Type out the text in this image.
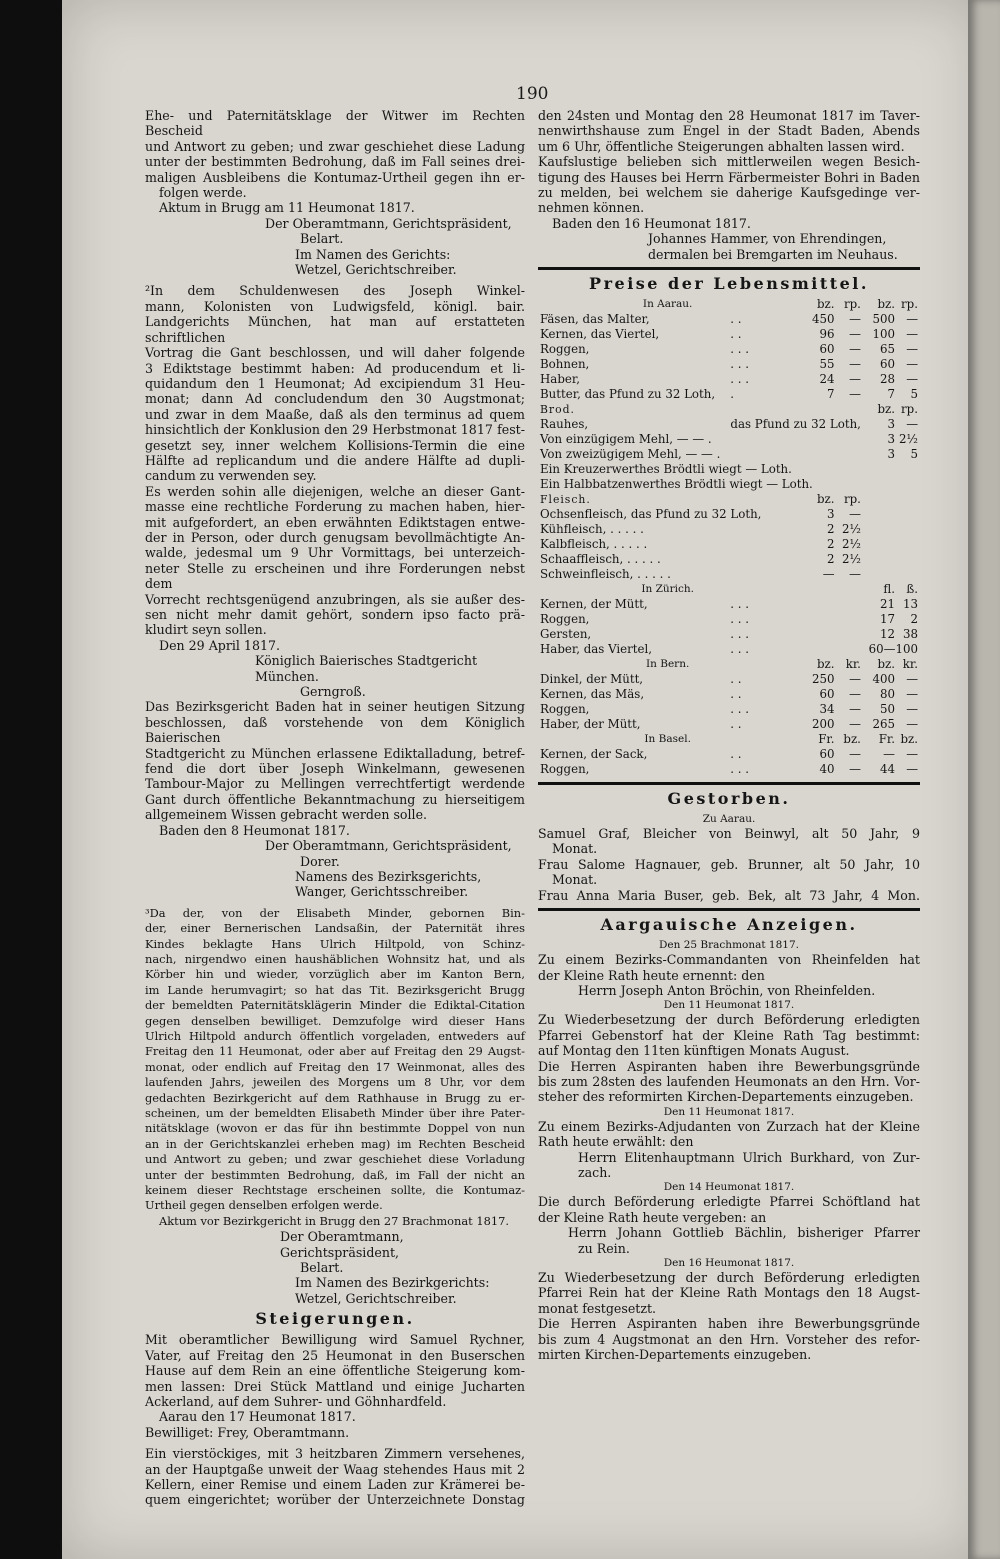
190

Ehe- und Paternitätsklage der Witwer im Rechten Bescheid

und Antwort zu geben; und zwar geschiehet diese Ladung

unter der bestimmten Bedrohung, daß im Fall seines drei-

maligen Ausbleibens die Kontumaz-Urtheil gegen ihn er-

folgen werde.

Aktum in Brugg am 11 Heumonat 1817.

Der Oberamtmann, Gerichtspräsident,

Belart.

Im Namen des Gerichts:

Wetzel, Gerichtschreiber.

²In dem Schuldenwesen des Joseph Winkel-

mann, Kolonisten von Ludwigsfeld, königl. bair.

Landgerichts München, hat man auf erstatteten schriftlichen

Vortrag die Gant beschlossen, und will daher folgende

3 Ediktstage bestimmt haben: Ad producendum et li-

quidandum den 1 Heumonat; Ad excipiendum 31 Heu-

monat; dann Ad concludendum den 30 Augstmonat;

und zwar in dem Maaße, daß als den terminus ad quem

hinsichtlich der Konklusion den 29 Herbstmonat 1817 fest-

gesetzt sey, inner welchem Kollisions-Termin die eine

Hälfte ad replicandum und die andere Hälfte ad dupli-

candum zu verwenden sey.

Es werden sohin alle diejenigen, welche an dieser Gant-

masse eine rechtliche Forderung zu machen haben, hier-

mit aufgefordert, an eben erwähnten Ediktstagen entwe-

der in Person, oder durch genugsam bevollmächtigte An-

walde, jedesmal um 9 Uhr Vormittags, bei unterzeich-

neter Stelle zu erscheinen und ihre Forderungen nebst dem

Vorrecht rechtsgenügend anzubringen, als sie außer des-

sen nicht mehr damit gehört, sondern ipso facto prä-

kludirt seyn sollen.

Den 29 April 1817.

Königlich Baierisches Stadtgericht München.

Gerngroß.

Das Bezirksgericht Baden hat in seiner heutigen Sitzung

beschlossen, daß vorstehende von dem Königlich Baierischen

Stadtgericht zu München erlassene Ediktalladung, betref-

fend die dort über Joseph Winkelmann, gewesenen

Tambour-Major zu Mellingen verrechtfertigt werdende

Gant durch öffentliche Bekanntmachung zu hierseitigem

allgemeinem Wissen gebracht werden solle.

Baden den 8 Heumonat 1817.

Der Oberamtmann, Gerichtspräsident,

Dorer.

Namens des Bezirksgerichts,

Wanger, Gerichtsschreiber.

³Da der, von der Elisabeth Minder, gebornen Bin-

der, einer Bernerischen Landsaßin, der Paternität ihres

Kindes beklagte Hans Ulrich Hiltpold, von Schinz-

nach, nirgendwo einen haushäblichen Wohnsitz hat, und als

Körber hin und wieder, vorzüglich aber im Kanton Bern,

im Lande herumvagirt; so hat das Tit. Bezirksgericht Brugg

der bemeldten Paternitätsklägerin Minder die Ediktal-Citation

gegen denselben bewilliget. Demzufolge wird dieser Hans

Ulrich Hiltpold andurch öffentlich vorgeladen, entweders auf

Freitag den 11 Heumonat, oder aber auf Freitag den 29 Augst-

monat, oder endlich auf Freitag den 17 Weinmonat, alles des

laufenden Jahrs, jeweilen des Morgens um 8 Uhr, vor dem

gedachten Bezirkgericht auf dem Rathhause in Brugg zu er-

scheinen, um der bemeldten Elisabeth Minder über ihre Pater-

nitätsklage (wovon er das für ihn bestimmte Doppel von nun

an in der Gerichtskanzlei erheben mag) im Rechten Bescheid

und Antwort zu geben; und zwar geschiehet diese Vorladung

unter der bestimmten Bedrohung, daß, im Fall der nicht an

keinem dieser Rechtstage erscheinen sollte, die Kontumaz-

Urtheil gegen denselben erfolgen werde.

Aktum vor Bezirkgericht in Brugg den 27 Brachmonat 1817.

Der Oberamtmann, Gerichtspräsident,

Belart.

Im Namen des Bezirkgerichts:

Wetzel, Gerichtschreiber.

Steigerungen.

Mit oberamtlicher Bewilligung wird Samuel Rychner,

Vater, auf Freitag den 25 Heumonat in den Buserschen

Hause auf dem Rein an eine öffentliche Steigerung kom-

men lassen: Drei Stück Mattland und einige Jucharten

Ackerland, auf dem Suhrer- und Göhnhardfeld.

Aarau den 17 Heumonat 1817.

Bewilliget: Frey, Oberamtmann.

Ein vierstöckiges, mit 3 heitzbaren Zimmern versehenes,

an der Hauptgaße unweit der Waag stehendes Haus mit 2

Kellern, einer Remise und einem Laden zur Krämerei be-

quem eingerichtet; worüber der Unterzeichnete Donstag

den 24sten und Montag den 28 Heumonat 1817 im Taver-

nenwirthshause zum Engel in der Stadt Baden, Abends

um 6 Uhr, öffentliche Steigerungen abhalten lassen wird.

Kaufslustige belieben sich mittlerweilen wegen Besich-

tigung des Hauses bei Herrn Färbermeister Bohri in Baden

zu melden, bei welchem sie daherige Kaufsgedinge ver-

nehmen können.

Baden den 16 Heumonat 1817.

Johannes Hammer, von Ehrendingen,

dermalen bei Bremgarten im Neuhaus.

Preise der Lebensmittel.
In Aarau.		bz.	rp.	bz.	rp.
Fäsen, das Malter,	. .	450	—	500	—
Kernen, das Viertel,	. .	96	—	100	—
Roggen,	. . .	60	—	65	—
Bohnen,	. . .	55	—	60	—
Haber,	. . .	24	—	28	—
Butter, das Pfund zu 32 Loth,	.	7	—	7	5
Brod.				bz.	rp.
Rauhes,	das Pfund zu 32 Loth,			3	—
Von einzügigem Mehl, — — .				3	2½
Von zweizügigem Mehl, — — .				3	5
Ein Kreuzerwerthes Brödtli wiegt — Loth.					
Ein Halbbatzenwerthes Brödtli wiegt — Loth.					
Fleisch.		bz.	rp.		
Ochsenfleisch, das Pfund zu 32 Loth,		3	—		
Kühfleisch, . . . . .		2	2½		
Kalbfleisch, . . . . .		2	2½		
Schaaffleisch, . . . . .		2	2½		
Schweinfleisch, . . . . .		—	—		
In Zürich.				fl.	ß.
Kernen, der Mütt,	. . .			21	13
Roggen,	. . .			17	2
Gersten,	. . .			12	38
Haber, das Viertel,	. . .			60—100	
In Bern.		bz.	kr.	bz.	kr.
Dinkel, der Mütt,	. .	250	—	400	—
Kernen, das Mäs,	. .	60	—	80	—
Roggen,	. . .	34	—	50	—
Haber, der Mütt,	. .	200	—	265	—
In Basel.		Fr.	bz.	Fr.	bz.
Kernen, der Sack,	. .	60	—	—	—
Roggen,	. . .	40	—	44	—
Gestorben.

Zu Aarau.

Samuel Graf, Bleicher von Beinwyl, alt 50 Jahr, 9

Monat.

Frau Salome Hagnauer, geb. Brunner, alt 50 Jahr, 10

Monat.

Frau Anna Maria Buser, geb. Bek, alt 73 Jahr, 4 Mon.

Aargauische Anzeigen.

Den 25 Brachmonat 1817.

Zu einem Bezirks-Commandanten von Rheinfelden hat

der Kleine Rath heute ernennt: den

Herrn Joseph Anton Bröchin, von Rheinfelden.

Den 11 Heumonat 1817.

Zu Wiederbesetzung der durch Beförderung erledigten

Pfarrei Gebenstorf hat der Kleine Rath Tag bestimmt:

auf Montag den 11ten künftigen Monats August.

Die Herren Aspiranten haben ihre Bewerbungsgründe

bis zum 28sten des laufenden Heumonats an den Hrn. Vor-

steher des reformirten Kirchen-Departements einzugeben.

Den 11 Heumonat 1817.

Zu einem Bezirks-Adjudanten von Zurzach hat der Kleine

Rath heute erwählt: den

Herrn Elitenhauptmann Ulrich Burkhard, von Zur-

zach.

Den 14 Heumonat 1817.

Die durch Beförderung erledigte Pfarrei Schöftland hat

der Kleine Rath heute vergeben: an

Herrn Johann Gottlieb Bächlin, bisheriger Pfarrer

zu Rein.

Den 16 Heumonat 1817.

Zu Wiederbesetzung der durch Beförderung erledigten

Pfarrei Rein hat der Kleine Rath Montags den 18 Augst-

monat festgesetzt.

Die Herren Aspiranten haben ihre Bewerbungsgründe

bis zum 4 Augstmonat an den Hrn. Vorsteher des refor-

mirten Kirchen-Departements einzugeben.
